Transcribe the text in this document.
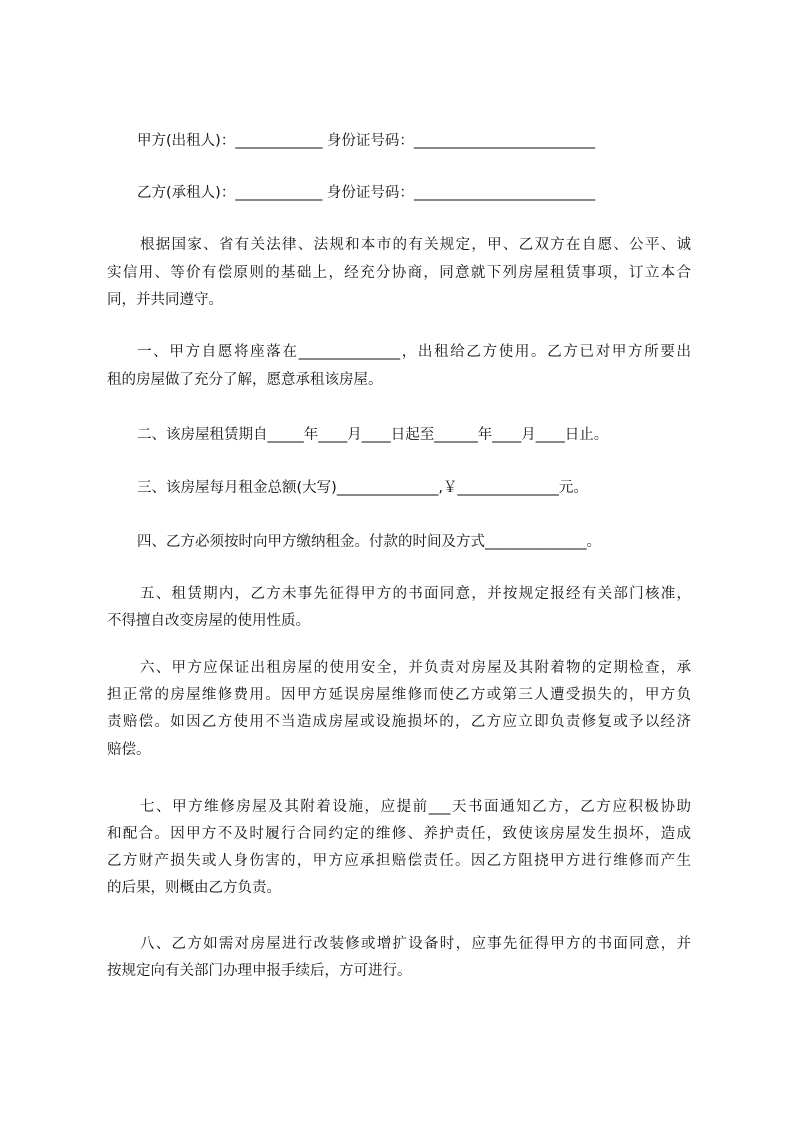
甲方(出租人)：____________ 身份证号码：_________________________
乙方(承租人)：____________ 身份证号码：_________________________
根据国家、省有关法律、法规和本市的有关规定，甲、乙双方在自愿、公平、诚
实信用、等价有偿原则的基础上，经充分协商，同意就下列房屋租赁事项，订立本合
同，并共同遵守。
一、甲方自愿将座落在______________，出租给乙方使用。乙方已对甲方所要出
租的房屋做了充分了解，愿意承租该房屋。
二、该房屋租赁期自_____年____月____日起至______年____月____日止。
三、该房屋每月租金总额(大写)______________,￥______________元。
四、乙方必须按时向甲方缴纳租金。付款的时间及方式______________。
五、租赁期内，乙方未事先征得甲方的书面同意，并按规定报经有关部门核准，
不得擅自改变房屋的使用性质。
六、甲方应保证出租房屋的使用安全，并负责对房屋及其附着物的定期检查，承
担正常的房屋维修费用。因甲方延误房屋维修而使乙方或第三人遭受损失的，甲方负
责赔偿。如因乙方使用不当造成房屋或设施损坏的，乙方应立即负责修复或予以经济
赔偿。
七、甲方维修房屋及其附着设施，应提前___天书面通知乙方，乙方应积极协助
和配合。因甲方不及时履行合同约定的维修、养护责任，致使该房屋发生损坏，造成
乙方财产损失或人身伤害的，甲方应承担赔偿责任。因乙方阻挠甲方进行维修而产生
的后果，则概由乙方负责。
八、乙方如需对房屋进行改装修或增扩设备时，应事先征得甲方的书面同意，并
按规定向有关部门办理申报手续后，方可进行。
